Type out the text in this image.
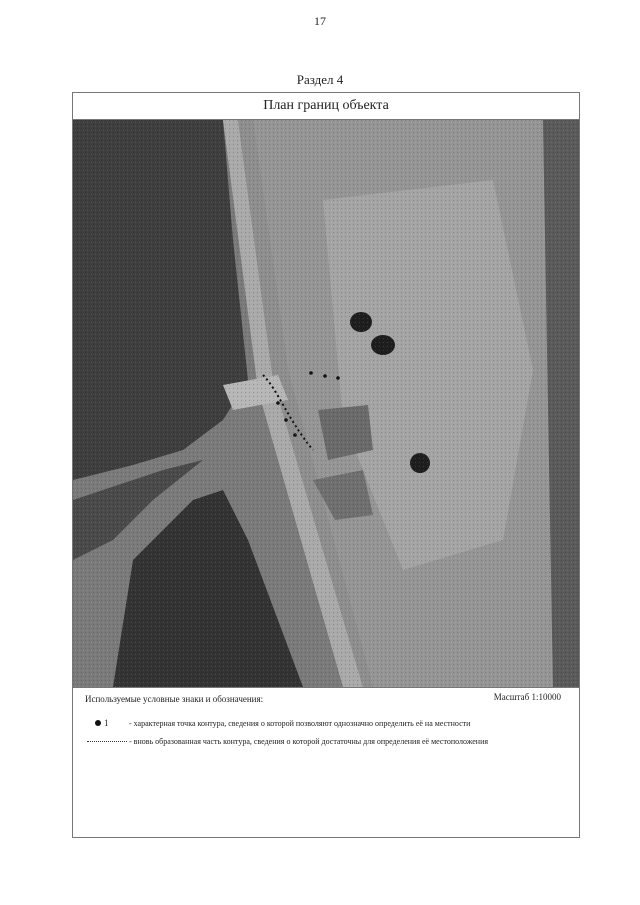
17
Раздел 4
План границ объекта
Используемые условные знаки и обозначения:	Масштаб 1:10000
1	- характерная точка контура, сведения о которой позволяют однозначно определить её на местности
- вновь образованная часть контура, сведения о которой достаточны для определения её местоположения
